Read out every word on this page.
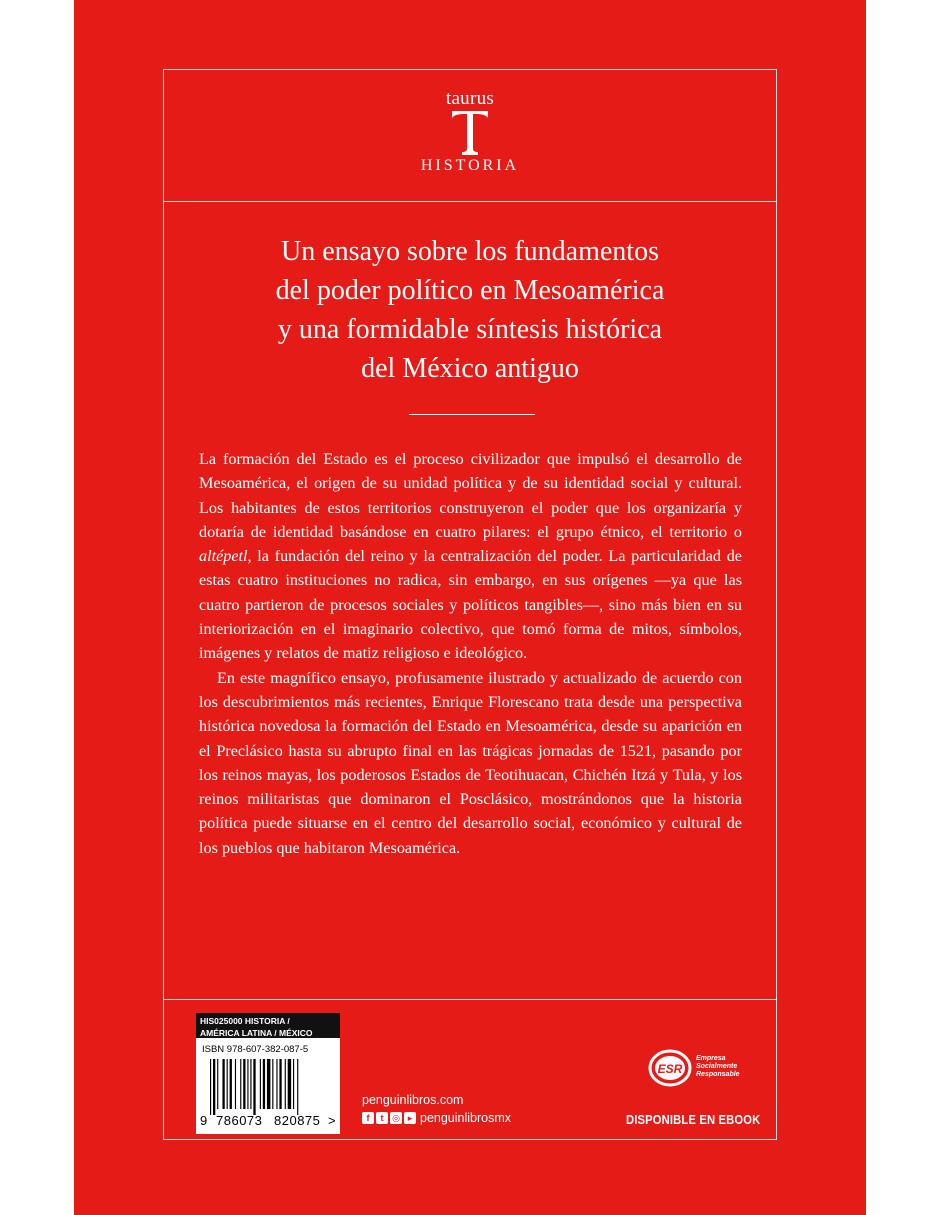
taurus
HISTORIA
Un ensayo sobre los fundamentos
del poder político en Mesoamérica
y una formidable síntesis histórica
del México antiguo

La formación del Estado es el proceso civilizador que impulsó el desarrollo de Mesoamérica, el origen de su unidad política y de su identidad social y cultural. Los habitantes de estos territorios construyeron el poder que los organizaría y dotaría de identidad basándose en cuatro pilares: el grupo étnico, el territorio o altépetl, la fundación del reino y la centralización del poder. La particularidad de estas cuatro instituciones no radica, sin embargo, en sus orígenes —ya que las cuatro partieron de procesos sociales y políticos tangibles—, sino más bien en su interiorización en el imaginario colectivo, que tomó forma de mitos, símbolos, imágenes y relatos de matiz religioso e ideológico.

En este magnífico ensayo, profusamente ilustrado y actualizado de acuerdo con los descubrimientos más recientes, Enrique Florescano trata desde una perspectiva histórica novedosa la formación del Estado en Mesoamérica, desde su aparición en el Preclásico hasta su abrupto final en las trágicas jornadas de 1521, pasando por los reinos mayas, los poderosos Estados de Teotihuacan, Chichén Itzá y Tula, y los reinos militaristas que dominaron el Posclásico, mostrándonos que la historia política puede situarse en el centro del desarrollo social, económico y cultural de los pueblos que habitaron Mesoamérica.

HIS025000 HISTORIA /
AMÉRICA LATINA / MÉXICO
ISBN 978-607-382-087-5
9 786073 820875 >
penguinlibros.com
f	t ◎ ▸ penguinlibrosmx
ESR
Empresa
Socialmente
Responsable
DISPONIBLE EN EBOOK
